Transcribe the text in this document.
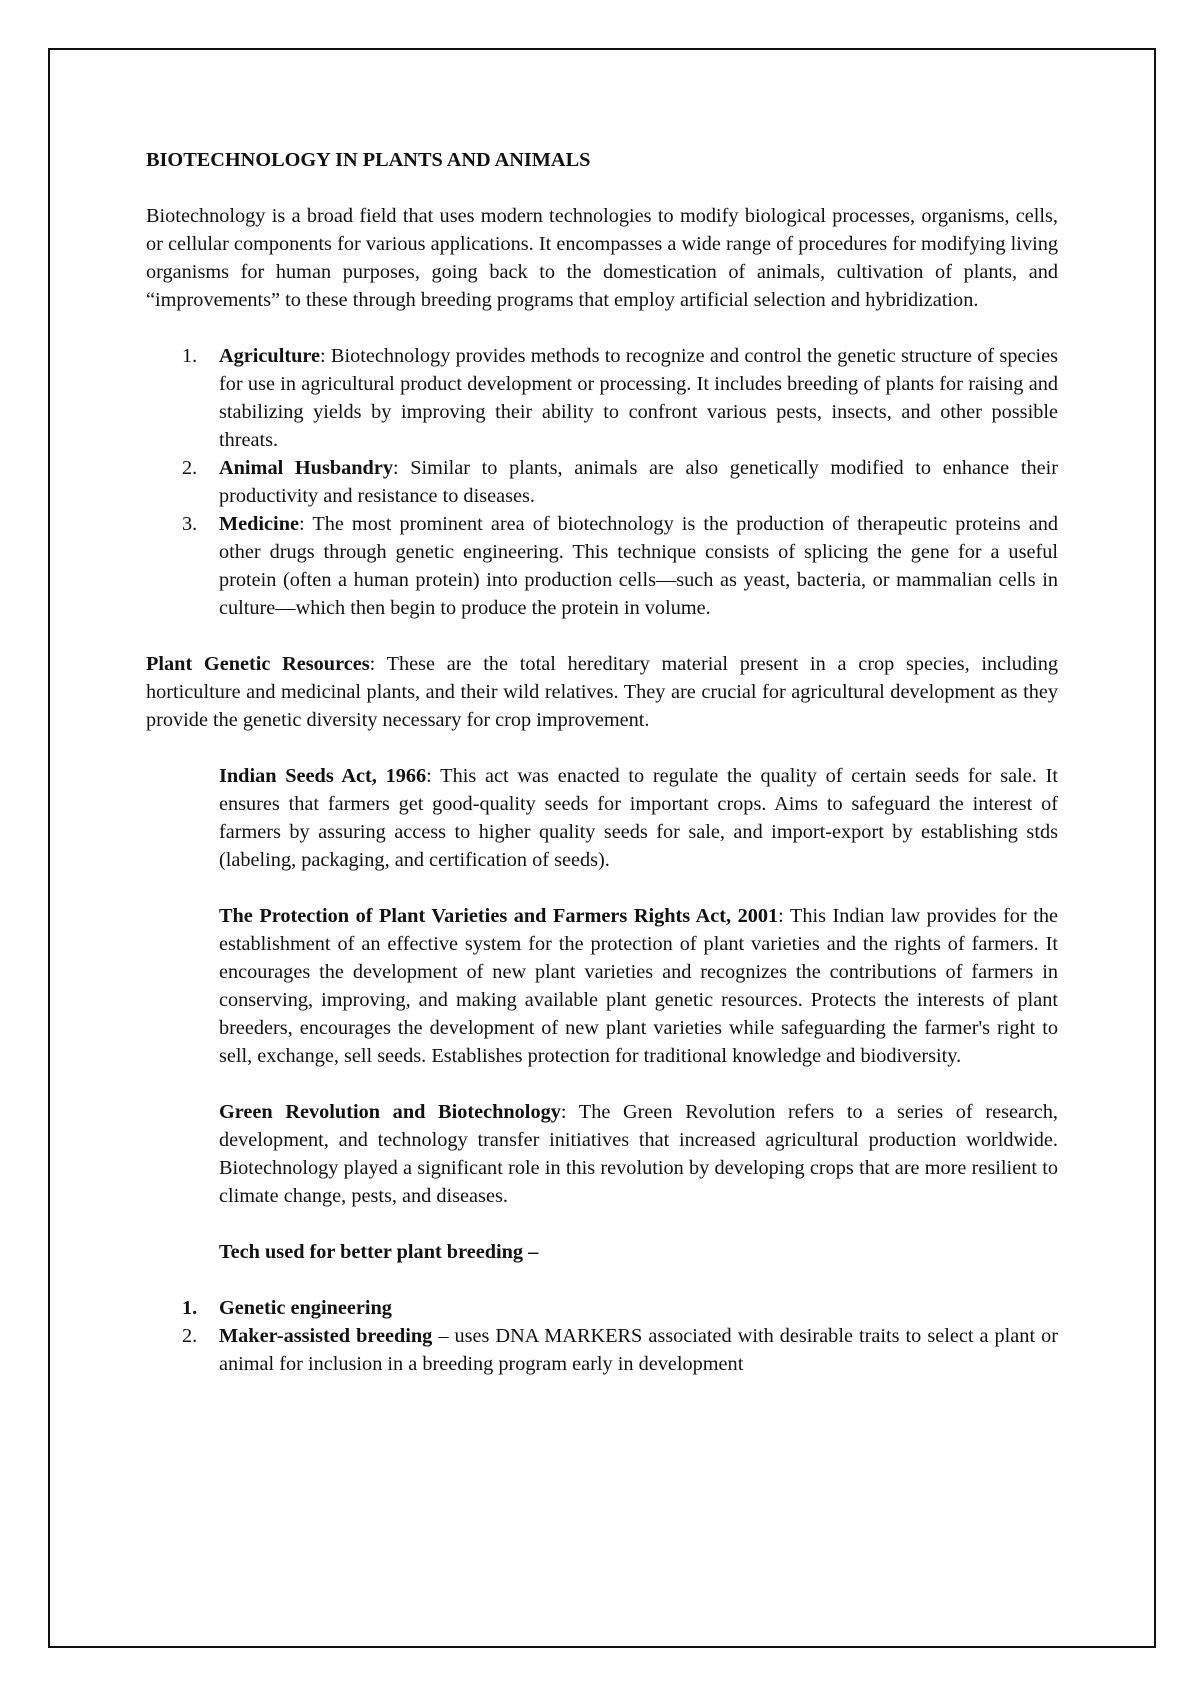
BIOTECHNOLOGY IN PLANTS AND ANIMALS

Biotechnology is a broad field that uses modern technologies to modify biological processes, organisms, cells, or cellular components for various applications. It encompasses a wide range of procedures for modifying living organisms for human purposes, going back to the domestication of animals, cultivation of plants, and “improvements” to these through breeding programs that employ artificial selection and hybridization.

1.	Agriculture: Biotechnology provides methods to recognize and control the genetic structure of species for use in agricultural product development or processing. It includes breeding of plants for raising and stabilizing yields by improving their ability to confront various pests, insects, and other possible threats.
2.	Animal Husbandry: Similar to plants, animals are also genetically modified to enhance their productivity and resistance to diseases.
3.	Medicine: The most prominent area of biotechnology is the production of therapeutic proteins and other drugs through genetic engineering. This technique consists of splicing the gene for a useful protein (often a human protein) into production cells—such as yeast, bacteria, or mammalian cells in culture—which then begin to produce the protein in volume.

Plant Genetic Resources: These are the total hereditary material present in a crop species, including horticulture and medicinal plants, and their wild relatives. They are crucial for agricultural development as they provide the genetic diversity necessary for crop improvement.

Indian Seeds Act, 1966: This act was enacted to regulate the quality of certain seeds for sale. It ensures that farmers get good-quality seeds for important crops. Aims to safeguard the interest of farmers by assuring access to higher quality seeds for sale, and import-export by establishing stds (labeling, packaging, and certification of seeds).

The Protection of Plant Varieties and Farmers Rights Act, 2001: This Indian law provides for the establishment of an effective system for the protection of plant varieties and the rights of farmers. It encourages the development of new plant varieties and recognizes the contributions of farmers in conserving, improving, and making available plant genetic resources. Protects the interests of plant breeders, encourages the development of new plant varieties while safeguarding the farmer's right to sell, exchange, sell seeds. Establishes protection for traditional knowledge and biodiversity.

Green Revolution and Biotechnology: The Green Revolution refers to a series of research, development, and technology transfer initiatives that increased agricultural production worldwide. Biotechnology played a significant role in this revolution by developing crops that are more resilient to climate change, pests, and diseases.

Tech used for better plant breeding –

1.	Genetic engineering
2.	Maker-assisted breeding – uses DNA MARKERS associated with desirable traits to select a plant or animal for inclusion in a breeding program early in development
